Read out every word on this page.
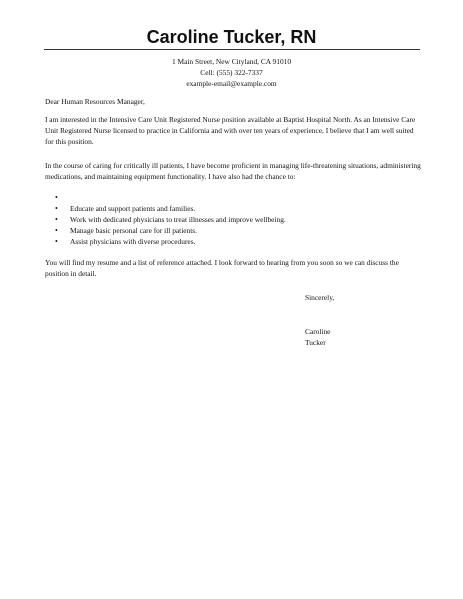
Caroline Tucker, RN
1 Main Street, New Cityland, CA 91010
Cell: (555) 322-7337
example-email@example.com
Dear Human Resources Manager,
I am interested in the Intensive Care Unit Registered Nurse position available at Baptist Hospital North. As an Intensive Care Unit Registered Nurse licensed to practice in California and with over ten years of experience, I believe that I am well suited for this position.
In the course of caring for critically ill patients, I have become proficient in managing life-threatening situations, administering medications, and maintaining equipment functionality. I have also had the chance to:
•
• Educate and support patients and families.
• Work with dedicated physicians to treat illnesses and improve wellbeing.
• Manage basic personal care for ill patients.
• Assist physicians with diverse procedures.
You will find my resume and a list of reference attached. I look forward to hearing from you soon so we can discuss the position in detail.
Sincerely,
Caroline
Tucker
